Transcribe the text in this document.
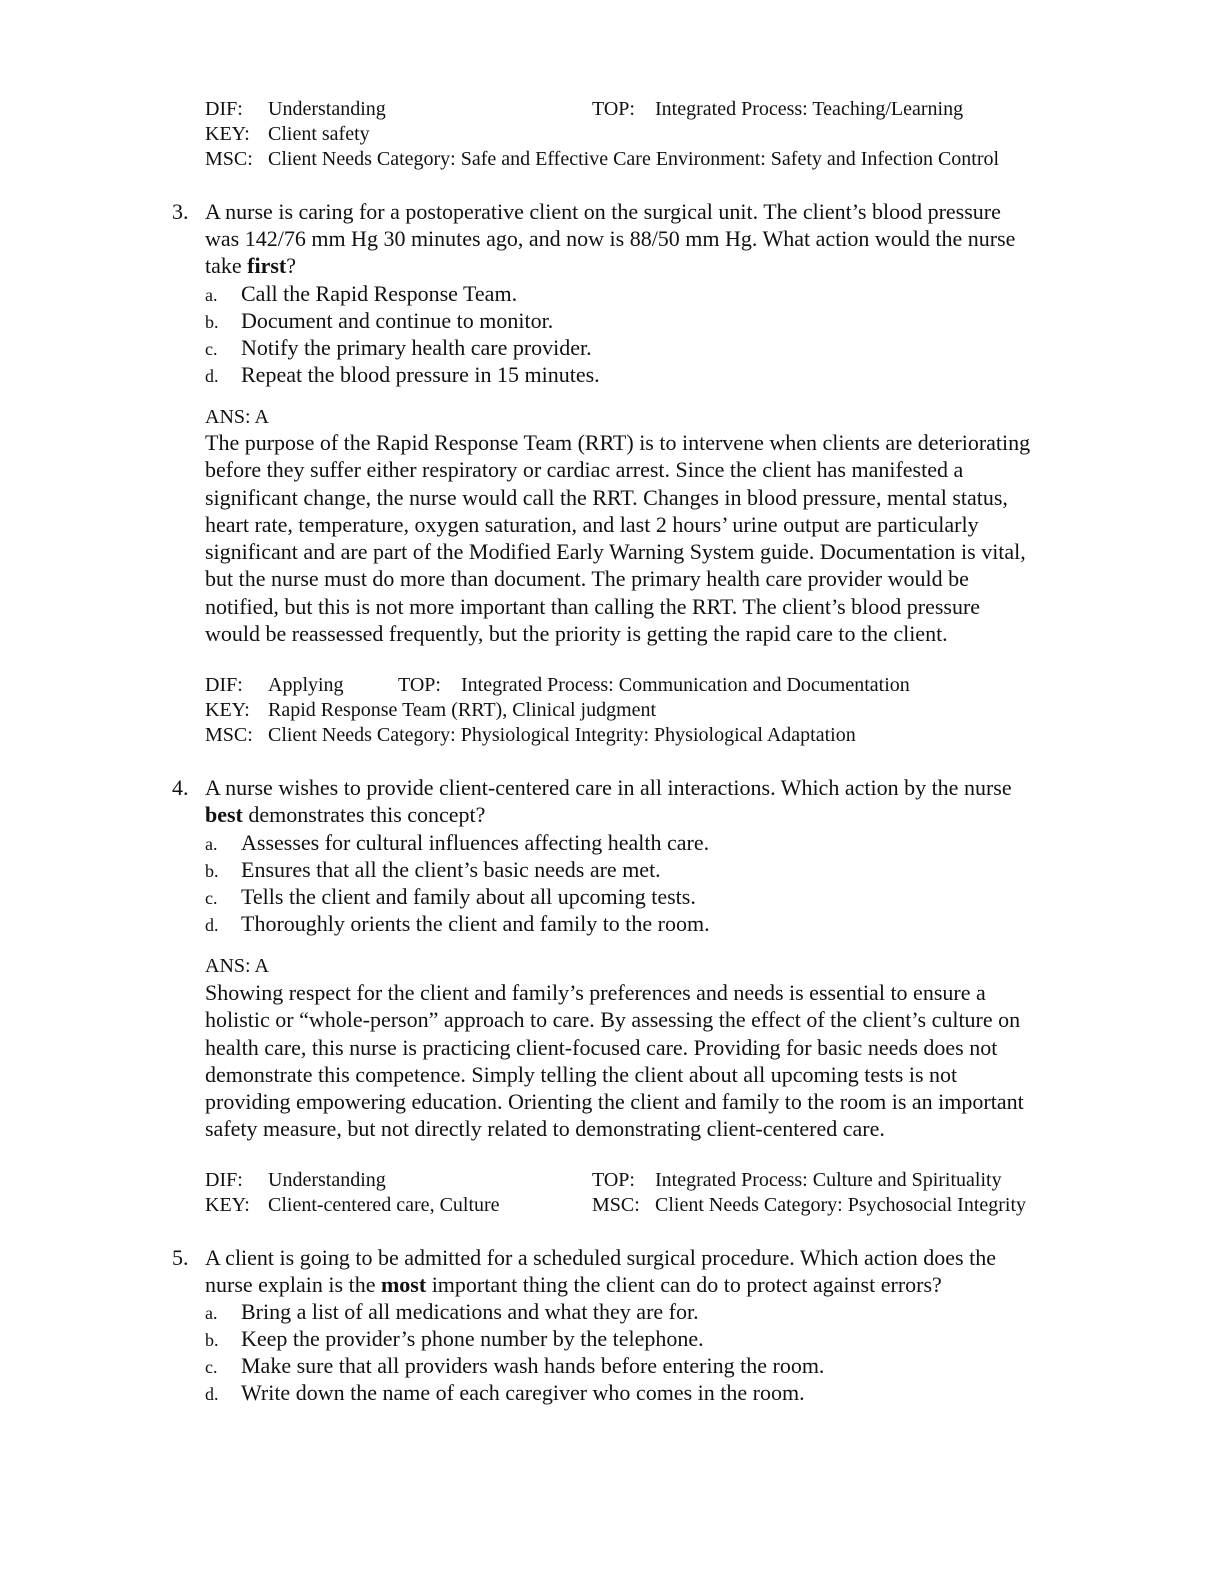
DIF: Understanding	TOP: Integrated Process: Teaching/Learning
KEY: Client safety
MSC: Client Needs Category: Safe and Effective Care Environment: Safety and Infection Control
3. A nurse is caring for a postoperative client on the surgical unit. The client’s blood pressure
was 142/76 mm Hg 30 minutes ago, and now is 88/50 mm Hg. What action would the nurse
take first?
a. Call the Rapid Response Team.
b. Document and continue to monitor.
c. Notify the primary health care provider.
d. Repeat the blood pressure in 15 minutes.
ANS: A
The purpose of the Rapid Response Team (RRT) is to intervene when clients are deteriorating
before they suffer either respiratory or cardiac arrest. Since the client has manifested a
significant change, the nurse would call the RRT. Changes in blood pressure, mental status,
heart rate, temperature, oxygen saturation, and last 2 hours’ urine output are particularly
significant and are part of the Modified Early Warning System guide. Documentation is vital,
but the nurse must do more than document. The primary health care provider would be
notified, but this is not more important than calling the RRT. The client’s blood pressure
would be reassessed frequently, but the priority is getting the rapid care to the client.
DIF: Applying	TOP: Integrated Process: Communication and Documentation
KEY: Rapid Response Team (RRT), Clinical judgment
MSC: Client Needs Category: Physiological Integrity: Physiological Adaptation
4. A nurse wishes to provide client-centered care in all interactions. Which action by the nurse
best demonstrates this concept?
a. Assesses for cultural influences affecting health care.
b. Ensures that all the client’s basic needs are met.
c. Tells the client and family about all upcoming tests.
d. Thoroughly orients the client and family to the room.
ANS: A
Showing respect for the client and family’s preferences and needs is essential to ensure a
holistic or “whole-person” approach to care. By assessing the effect of the client’s culture on
health care, this nurse is practicing client-focused care. Providing for basic needs does not
demonstrate this competence. Simply telling the client about all upcoming tests is not
providing empowering education. Orienting the client and family to the room is an important
safety measure, but not directly related to demonstrating client-centered care.
DIF: Understanding	TOP: Integrated Process: Culture and Spirituality
KEY: Client-centered care, Culture	MSC: Client Needs Category: Psychosocial Integrity
5. A client is going to be admitted for a scheduled surgical procedure. Which action does the
nurse explain is the most important thing the client can do to protect against errors?
a. Bring a list of all medications and what they are for.
b. Keep the provider’s phone number by the telephone.
c. Make sure that all providers wash hands before entering the room.
d. Write down the name of each caregiver who comes in the room.
